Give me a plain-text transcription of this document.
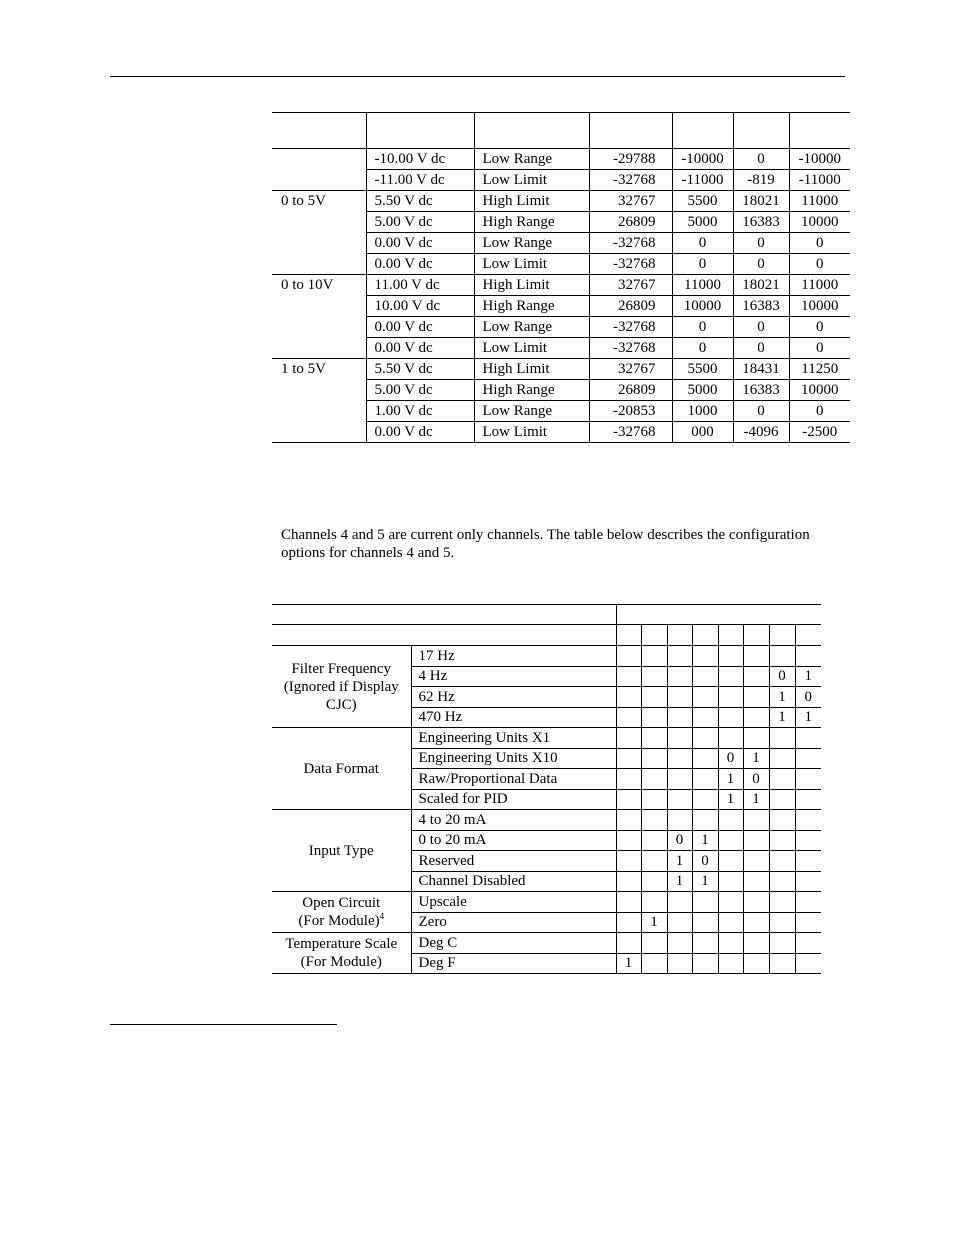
	-10.00 V dc	Low Range	-29788	-10000	0	-10000
	-11.00 V dc	Low Limit	-32768	-11000	-819	-11000
0 to 5V	5.50 V dc	High Limit	32767	5500	18021	11000
	5.00 V dc	High Range	26809	5000	16383	10000
	0.00 V dc	Low Range	-32768	0	0	0
	0.00 V dc	Low Limit	-32768	0	0	0
0 to 10V	11.00 V dc	High Limit	32767	11000	18021	11000
	10.00 V dc	High Range	26809	10000	16383	10000
	0.00 V dc	Low Range	-32768	0	0	0
	0.00 V dc	Low Limit	-32768	0	0	0
1 to 5V	5.50 V dc	High Limit	32767	5500	18431	11250
	5.00 V dc	High Range	26809	5000	16383	10000
	1.00 V dc	Low Range	-20853	1000	0	0
	0.00 V dc	Low Limit	-32768	000	-4096	-2500

Channels 4 and 5 are current only channels. The table below describes the configuration options for channels 4 and 5.

Filter Frequency
(Ignored if Display
CJC)	17 Hz								
	4 Hz							0	1
	62 Hz							1	0
	470 Hz							1	1

Data Format	Engineering Units X1								
	Engineering Units X10					0	1		
	Raw/Proportional Data					1	0		
	Scaled for PID					1	1		

Input Type	4 to 20 mA								
	0 to 20 mA			0	1				
	Reserved			1	0				
	Channel Disabled			1	1				

Open Circuit
(For Module)$^4$	Upscale								
	Zero		1						

Temperature Scale
(For Module)	Deg C								
	Deg F	1							
